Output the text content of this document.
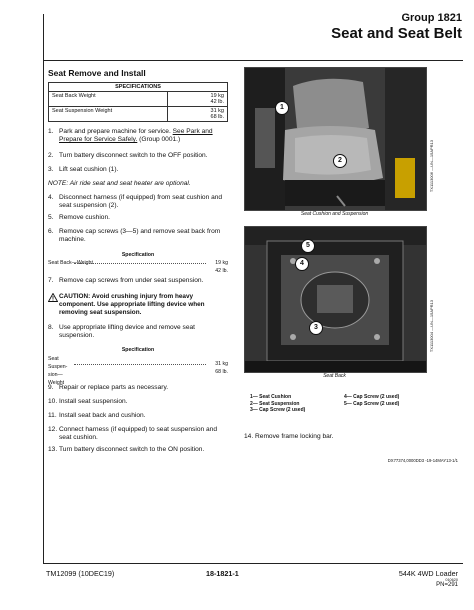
Group 1821
Seat and Seat Belt
Seat Remove and Install
SPECIFICATIONS	
Seat Back Weight	19 kg
42 lb.

Seat Suspension Weight	31 kg
68 lb.
1. Park and prepare machine for service. See Park and Prepare for Service Safely. (Group 0001.)
2. Turn battery disconnect switch to the OFF position.
3. Lift seat cushion (1).
NOTE: Air ride seat and seat heater are optional.
4. Disconnect harness (if equipped) from seat cushion and seat suspension (2).
5. Remove cushion.
6. Remove cap screws (3—5) and remove seat back from machine.
Specification
Seat Back—Weight	19 kg
42 lb.
7. Remove cap screws from under seat suspension.
! CAUTION: Avoid crushing injury from heavy component. Use appropriate lifting device when removing seat suspension.
8. Use appropriate lifting device and remove seat suspension.
Specification
Seat Suspen-sion—Weight
31 kg
68 lb.
9. Repair or replace parts as necessary.
10. Install seat suspension.
11. Install seat back and cushion.
12. Connect harness (if equipped) to seat suspension and seat cushion.
13. Turn battery disconnect switch to the ON position.
1
2	TX1113006 —UN—15APR13
Seat Cushion and Suspension
5
4
3	TX1113004 —UN—15APR13
Seat Back
1— Seat Cushion
2— Seat Suspension
3— Cap Screw (2 used)
4— Cap Screw (2 used)
5— Cap Screw (2 used)
14. Remove frame locking bar.
DX77374,0000DD3 -19-14MAY13-1/1
TM12099 (10DEC19)	18-1821-1	544K 4WD Loader
010620
PN=291
